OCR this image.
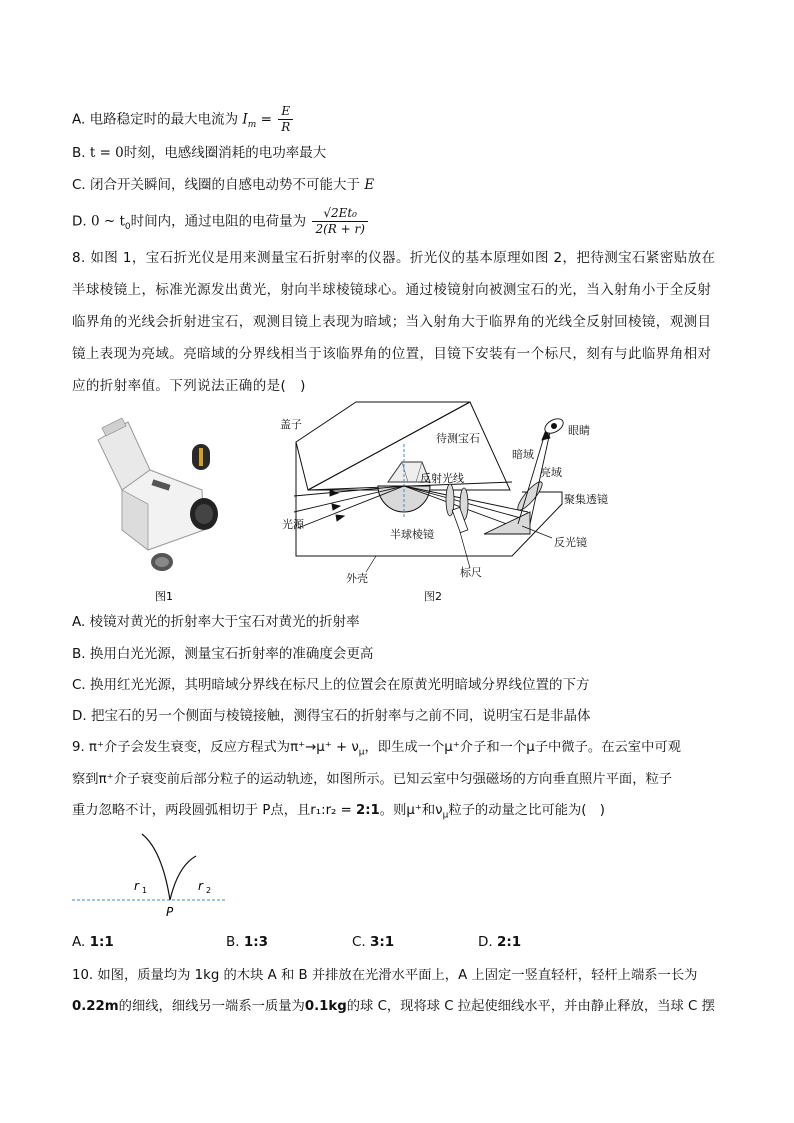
A. 电路稳定时的最大电流为 $I_m = \frac{E}{R}$
B. t = 0时刻，电感线圈消耗的电功率最大
C. 闭合开关瞬间，线圈的自感电动势不可能大于 E
D. 0 ~ $t_0$时间内，通过电阻的电荷量为 $\frac{\text{√2Et₀}}{2(R + r)}$
8. 如图 1，宝石折光仪是用来测量宝石折射率的仪器。折光仪的基本原理如图 2，把待测宝石紧密贴放在半球棱镜上，标准光源发出黄光，射向半球棱镜球心。通过棱镜射向被测宝石的光，当入射角小于全反射临界角的光线会折射进宝石，观测目镜上表现为暗域；当入射角大于临界角的光线全反射回棱镜，观测目镜上表现为亮域。亮暗域的分界线相当于该临界角的位置，目镜下安装有一个标尺，刻有与此临界角相对应的折射率值。下列说法正确的是(　)
图1
盖子
待测宝石
眼睛
暗域
亮域
反射光线
聚集透镜
光源
半球棱镜
反光镜
外壳	标尺
图2
A. 棱镜对黄光的折射率大于宝石对黄光的折射率
B. 换用白光光源，测量宝石折射率的准确度会更高
C. 换用红光光源，其明暗域分界线在标尺上的位置会在原黄光明暗域分界线位置的下方
D. 把宝石的另一个侧面与棱镜接触，测得宝石的折射率与之前不同，说明宝石是非晶体
9. π⁺介子会发生衰变，反应方程式为$\pi^+\to\mu^+ + \nu_\mu$，即生成一个μ⁺介子和一个μ子中微子。在云室中可观
察到π⁺介子衰变前后部分粒子的运动轨迹，如图所示。已知云室中匀强磁场的方向垂直照片平面，粒子
重力忽略不计，两段圆弧相切于 P点，且r₁:r₂ = 2:1。则μ⁺和$\nu_\mu$粒子的动量之比可能为(　)
r 1	r 2
P
A. 1:1	B. 1:3	C. 3:1	D. 2:1
10. 如图，质量均为 1kg 的木块 A 和 B 并排放在光滑水平面上，A 上固定一竖直轻杆，轻杆上端系一长为
0.22m的细线，细线另一端系一质量为0.1kg的球 C，现将球 C 拉起使细线水平，并由静止释放，当球 C 摆
